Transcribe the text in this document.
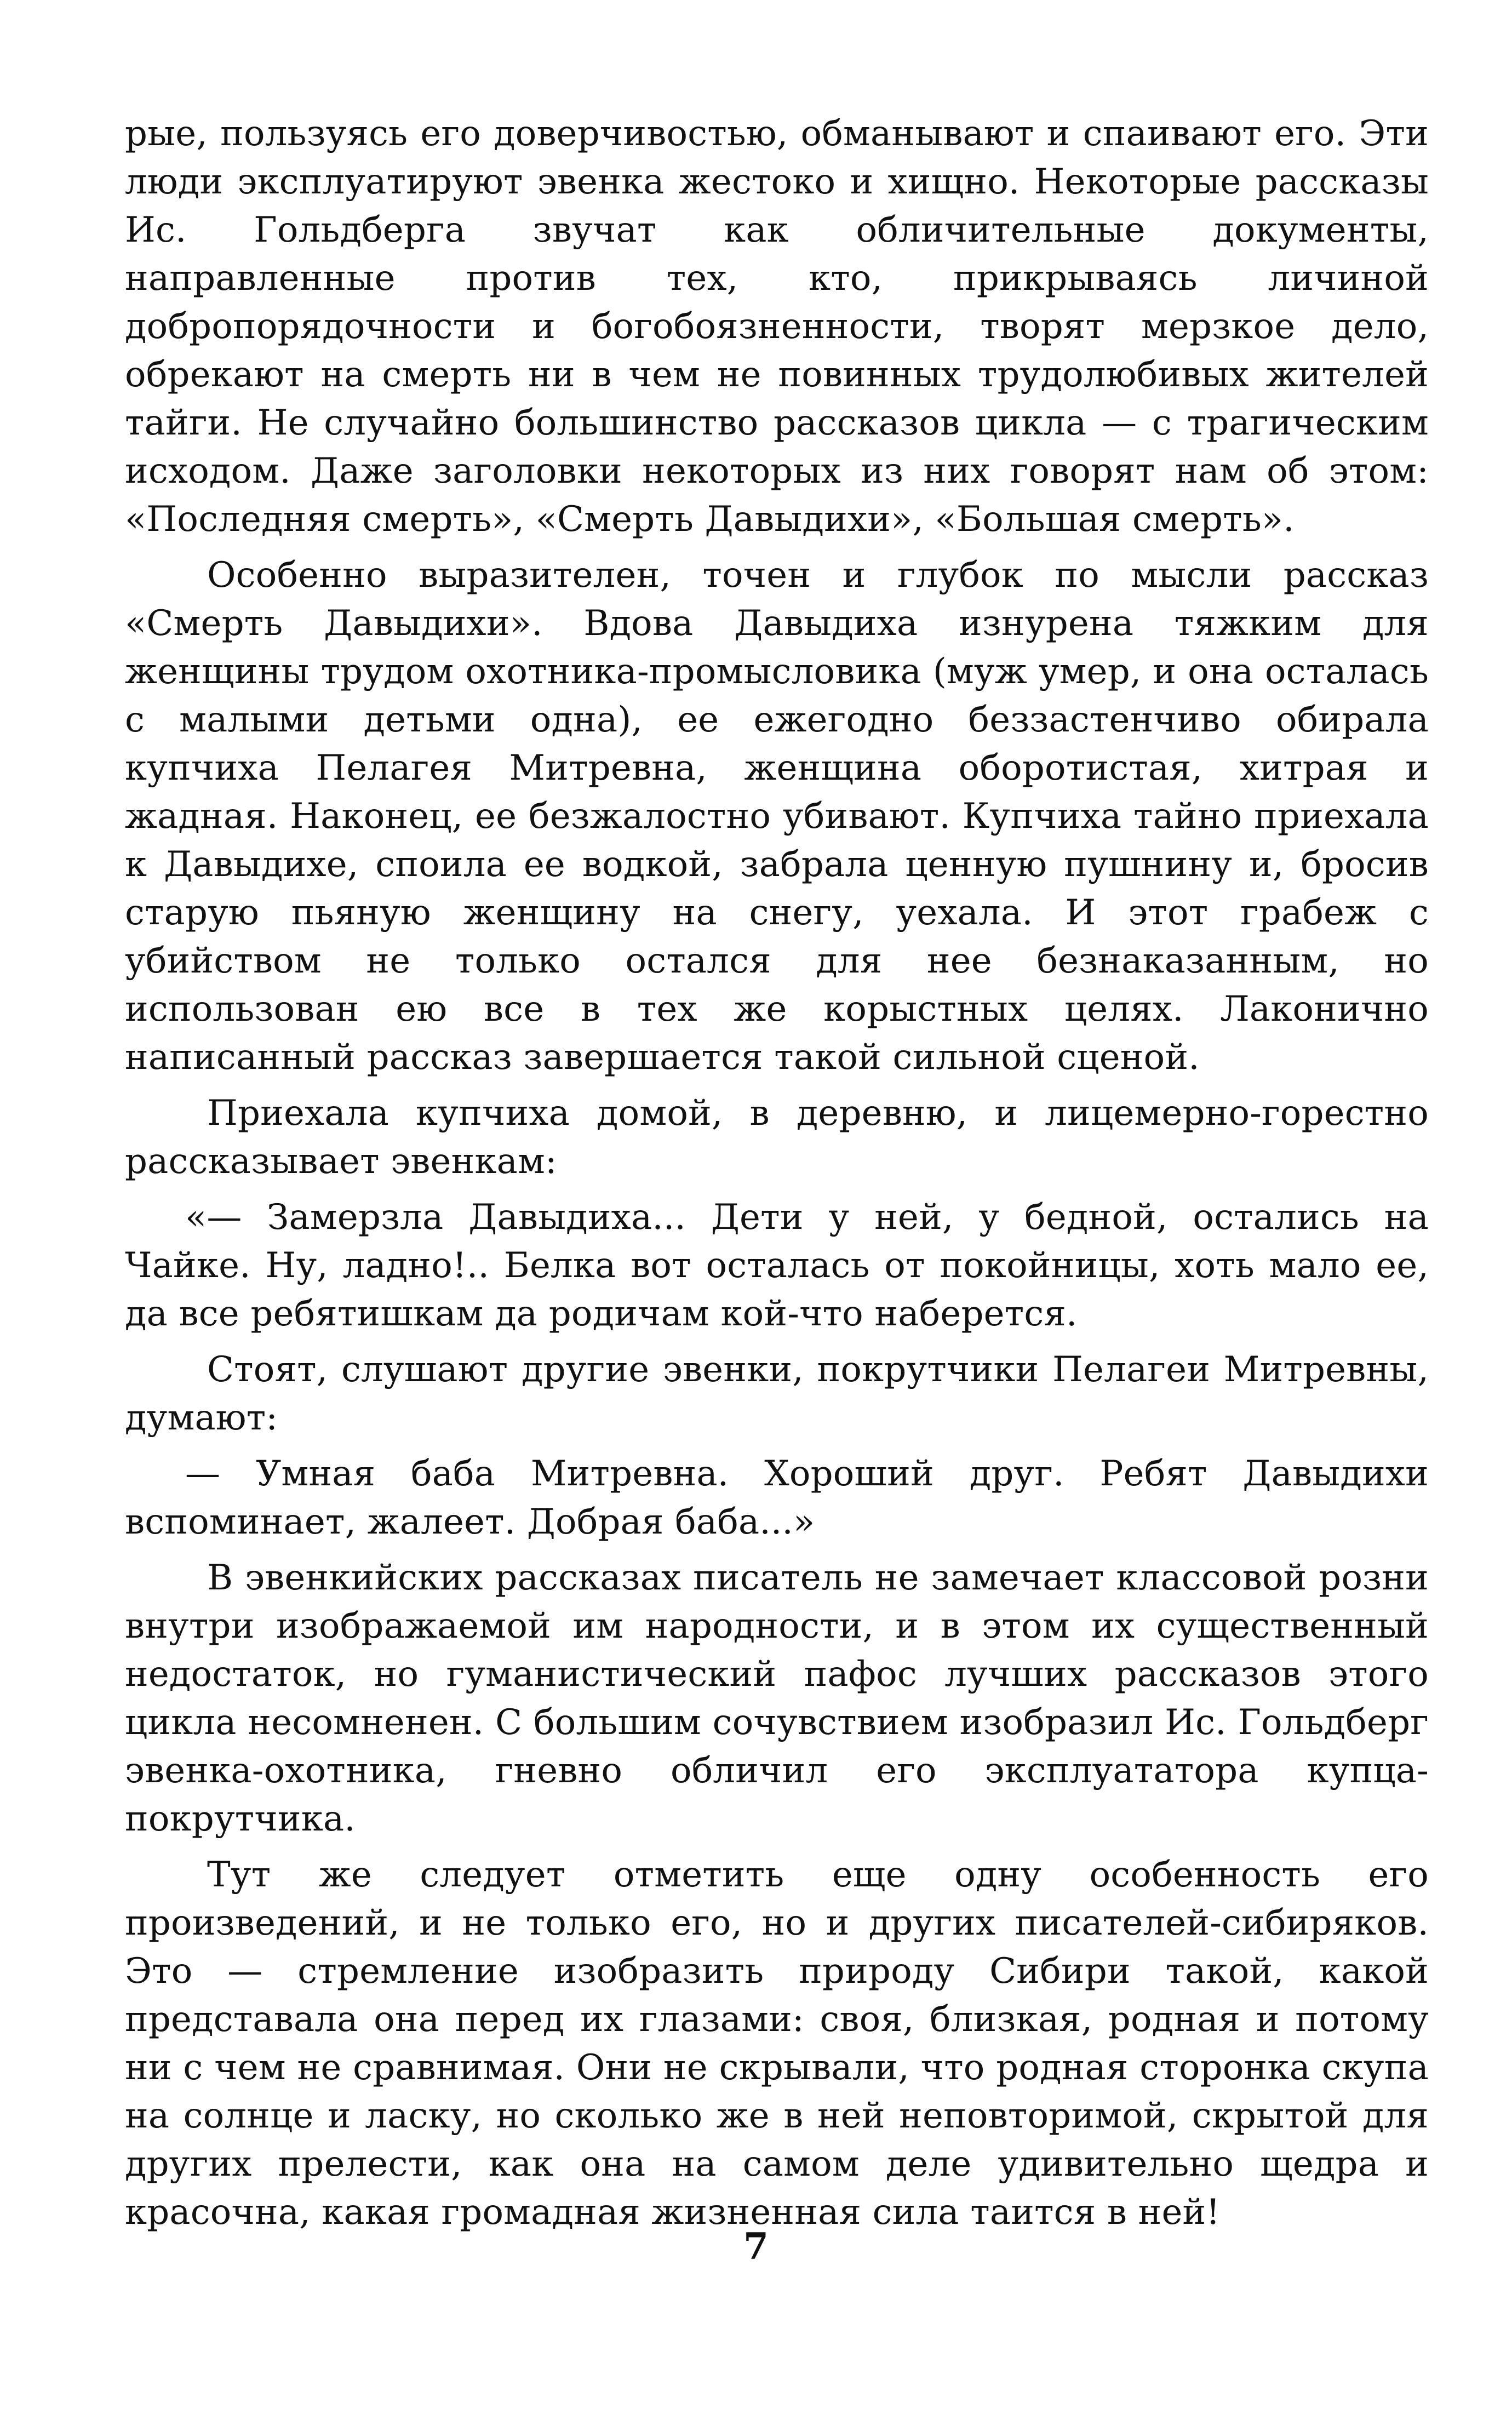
рые, пользуясь его доверчивостью, обманывают и спаивают его. Эти люди эксплуатируют эвенка жестоко и хищно. Некоторые рассказы Ис. Гольдберга звучат как обличительные документы, направленные против тех, кто, прикрываясь личиной добропорядочности и богобоязненности, творят мерзкое дело, обрекают на смерть ни в чем не повинных трудолюбивых жителей тайги. Не случайно большинство рассказов цикла — с трагическим исходом. Даже заголовки некоторых из них говорят нам об этом: «Последняя смерть», «Смерть Давыдихи», «Большая смерть».

Особенно выразителен, точен и глубок по мысли рассказ «Смерть Давыдихи». Вдова Давыдиха изнурена тяжким для женщины трудом охотника-промысловика (муж умер, и она осталась с малыми детьми одна), ее ежегодно беззастенчиво обирала купчиха Пелагея Митревна, женщина оборотистая, хитрая и жадная. Наконец, ее безжалостно убивают. Купчиха тайно приехала к Давыдихе, споила ее водкой, забрала ценную пушнину и, бросив старую пьяную женщину на снегу, уехала. И этот грабеж с убийством не только остался для нее безнаказанным, но использован ею все в тех же корыстных целях. Лаконично написанный рассказ завершается такой сильной сценой.

Приехала купчиха домой, в деревню, и лицемерно-горестно рассказывает эвенкам:

«— Замерзла Давыдиха... Дети у ней, у бедной, остались на Чайке. Ну, ладно!.. Белка вот осталась от покойницы, хоть мало ее, да все ребятишкам да родичам кой-что наберется.

Стоят, слушают другие эвенки, покрутчики Пелагеи Митревны, думают:

— Умная баба Митревна. Хороший друг. Ребят Давыдихи вспоминает, жалеет. Добрая баба...»

В эвенкийских рассказах писатель не замечает классовой розни внутри изображаемой им народности, и в этом их существенный недостаток, но гуманистический пафос лучших рассказов этого цикла несомненен. С большим сочувствием изобразил Ис. Гольдберг эвенка-охотника, гневно обличил его эксплуататора купца-покрутчика.

Тут же следует отметить еще одну особенность его произведений, и не только его, но и других писателей-сибиряков. Это — стремление изобразить природу Сибири такой, какой представала она перед их глазами: своя, близкая, родная и потому ни с чем не сравнимая. Они не скрывали, что родная сторонка скупа на солнце и ласку, но сколько же в ней неповторимой, скрытой для других прелести, как она на самом деле удивительно щедра и красочна, какая громадная жизненная сила таится в ней!

7
